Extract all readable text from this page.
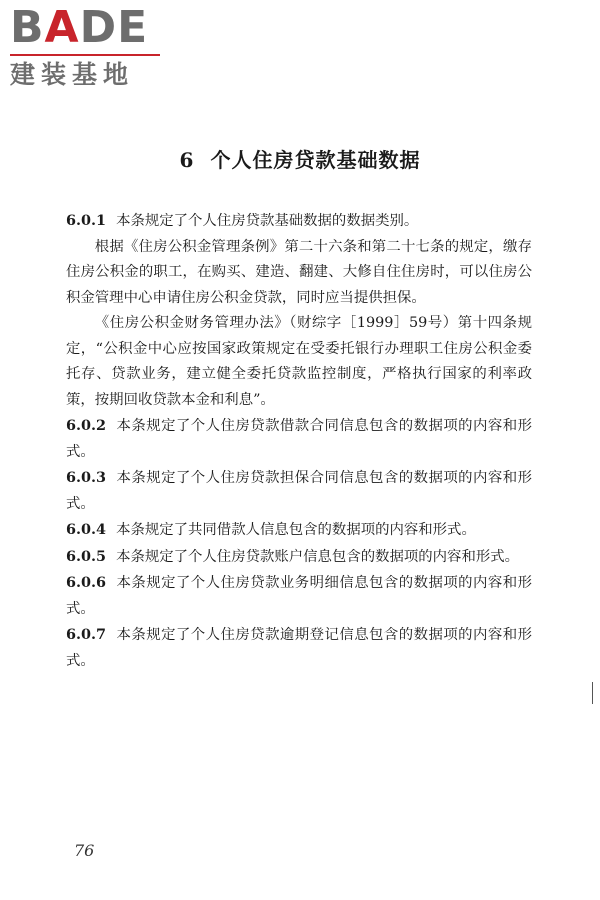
BADE
建装基地
6 个人住房贷款基础数据

6.0.1 本条规定了个人住房贷款基础数据的数据类别。

根据《住房公积金管理条例》第二十六条和第二十七条的规定，缴存住房公积金的职工，在购买、建造、翻建、大修自住住房时，可以住房公积金管理中心申请住房公积金贷款，同时应当提供担保。

《住房公积金财务管理办法》（财综字［1999］59号）第十四条规定，“公积金中心应按国家政策规定在受委托银行办理职工住房公积金委托存、贷款业务，建立健全委托贷款监控制度，严格执行国家的利率政策，按期回收贷款本金和利息”。

6.0.2 本条规定了个人住房贷款借款合同信息包含的数据项的内容和形式。

6.0.3 本条规定了个人住房贷款担保合同信息包含的数据项的内容和形式。

6.0.4 本条规定了共同借款人信息包含的数据项的内容和形式。

6.0.5 本条规定了个人住房贷款账户信息包含的数据项的内容和形式。

6.0.6 本条规定了个人住房贷款业务明细信息包含的数据项的内容和形式。

6.0.7 本条规定了个人住房贷款逾期登记信息包含的数据项的内容和形式。

76
